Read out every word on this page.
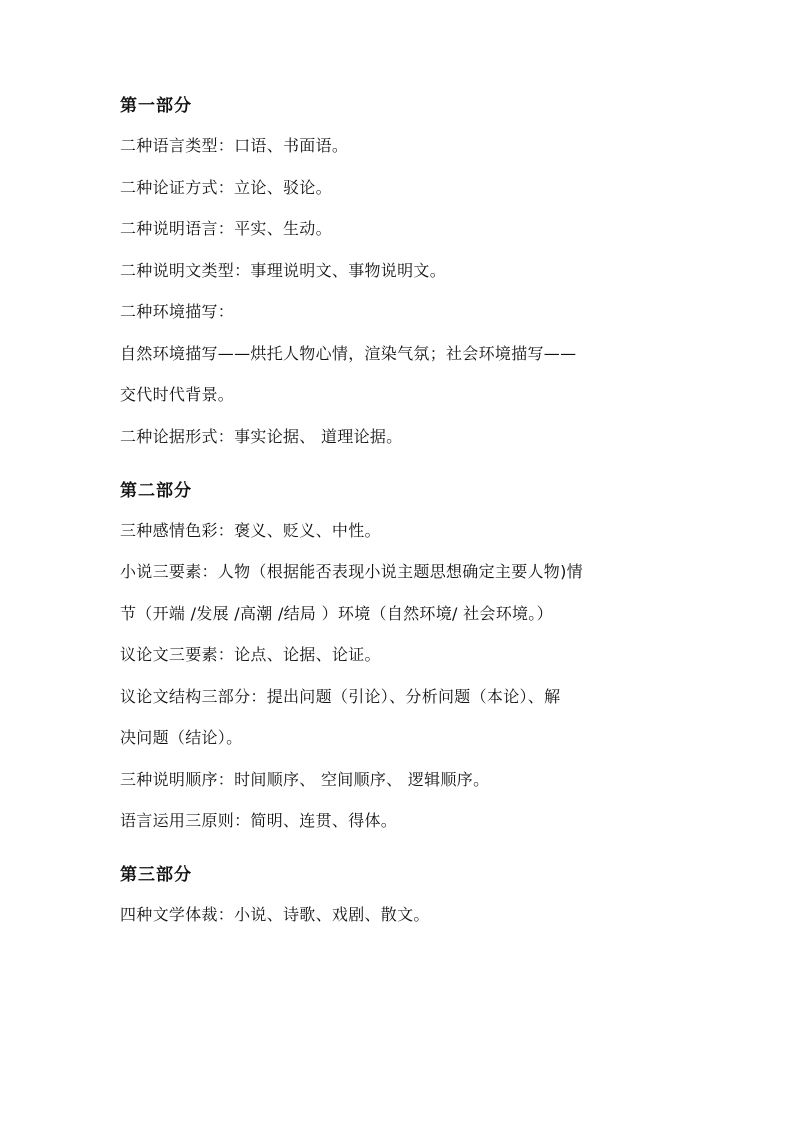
第一部分
二种语言类型：口语、书面语。
二种论证方式：立论、驳论。
二种说明语言：平实、生动。
二种说明文类型：事理说明文、事物说明文。
二种环境描写：
自然环境描写——烘托人物心情，渲染气氛；社会环境描写——
交代时代背景。
二种论据形式：事实论据、 道理论据。
第二部分
三种感情色彩：褒义、贬义、中性。
小说三要素：人物（根据能否表现小说主题思想确定主要人物)情
节（开端 /发展 /高潮 /结局 ）环境（自然环境/ 社会环境。）
议论文三要素：论点、论据、论证。
议论文结构三部分：提出问题（引论）、分析问题（本论）、解
决问题（结论）。
三种说明顺序：时间顺序、 空间顺序、 逻辑顺序。
语言运用三原则：简明、连贯、得体。
第三部分
四种文学体裁：小说、诗歌、戏剧、散文。
